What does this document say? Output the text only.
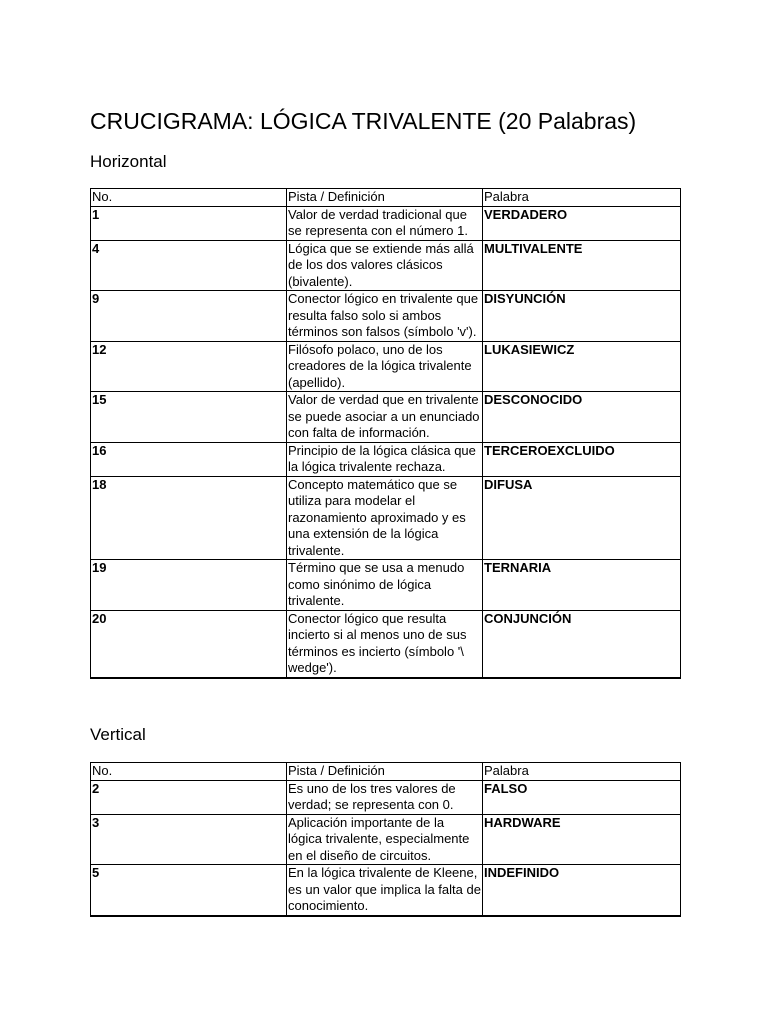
CRUCIGRAMA: LÓGICA TRIVALENTE (20 Palabras)
Horizontal
No.	Pista / Definición	Palabra
1	Valor de verdad tradicional que se representa con el número 1.	VERDADERO
4	Lógica que se extiende más allá de los dos valores clásicos (bivalente).	MULTIVALENTE
9	Conector lógico en trivalente que resulta falso solo si ambos términos son falsos (símbolo 'v').	DISYUNCIÓN
12	Filósofo polaco, uno de los creadores de la lógica trivalente (apellido).	LUKASIEWICZ
15	Valor de verdad que en trivalente se puede asociar a un enunciado con falta de información.	DESCONOCIDO
16	Principio de la lógica clásica que la lógica trivalente rechaza.	TERCEROEXCLUIDO
18	Concepto matemático que se utiliza para modelar el razonamiento aproximado y es una extensión de la lógica trivalente.	DIFUSA
19	Término que se usa a menudo como sinónimo de lógica trivalente.	TERNARIA
20	Conector lógico que resulta incierto si al menos uno de sus términos es incierto (símbolo '\ wedge').	CONJUNCIÓN
Vertical
No.	Pista / Definición	Palabra
2	Es uno de los tres valores de verdad; se representa con 0.	FALSO
3	Aplicación importante de la lógica trivalente, especialmente en el diseño de circuitos.	HARDWARE
5	En la lógica trivalente de Kleene, es un valor que implica la falta de conocimiento.	INDEFINIDO
